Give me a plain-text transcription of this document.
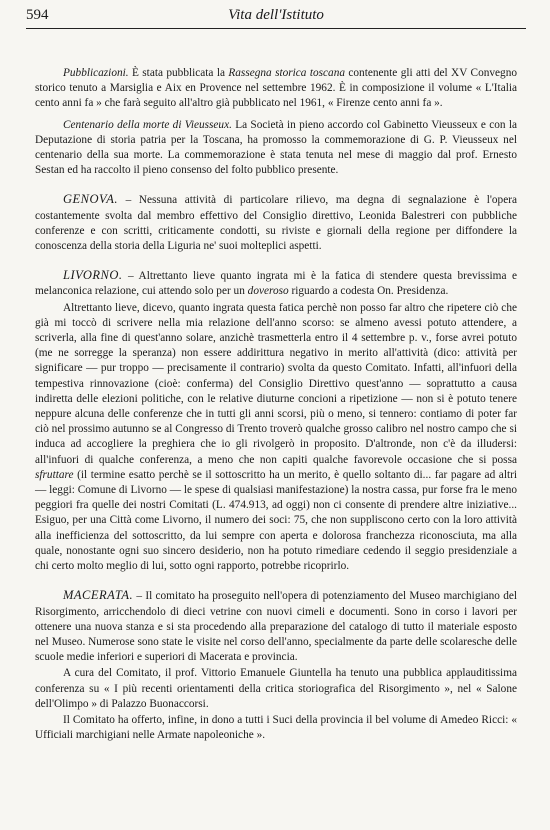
594	Vita dell'Istituto

Pubblicazioni. È stata pubblicata la Rassegna storica toscana contenente gli atti del XV Convegno storico tenuto a Marsiglia e Aix en Provence nel settembre 1962. È in composizione il volume « L'Italia cento anni fa » che farà seguito all'altro già pubblicato nel 1961, « Firenze cento anni fa ».

Centenario della morte di Vieusseux. La Società in pieno accordo col Gabinetto Vieusseux e con la Deputazione di storia patria per la Toscana, ha promosso la commemorazione di G. P. Vieusseux nel centenario della sua morte. La commemorazione è stata tenuta nel mese di maggio dal prof. Ernesto Sestan ed ha raccolto il pieno consenso del folto pubblico presente.

GENOVA. – Nessuna attività di particolare rilievo, ma degna di segnalazione è l'opera costantemente svolta dal membro effettivo del Consiglio direttivo, Leonida Balestreri con pubbliche conferenze e con scritti, criticamente condotti, su riviste e giornali della regione per diffondere la conoscenza della storia della Liguria ne' suoi molteplici aspetti.

LIVORNO. – Altrettanto lieve quanto ingrata mi è la fatica di stendere questa brevissima e melanconica relazione, cui attendo solo per un doveroso riguardo a codesta On. Presidenza.

Altrettanto lieve, dicevo, quanto ingrata questa fatica perchè non posso far altro che ripetere ciò che già mi toccò di scrivere nella mia relazione dell'anno scorso: se almeno avessi potuto attendere, a scriverla, alla fine di quest'anno solare, anzichè trasmetterla entro il 4 settembre p. v., forse avrei potuto (me ne sorregge la speranza) non essere addirittura negativo in merito all'attività (dico: attività per significare — pur troppo — precisamente il contrario) svolta da questo Comitato. Infatti, all'infuori della tempestiva rinnovazione (cioè: conferma) del Consiglio Direttivo quest'anno — soprattutto a causa indiretta delle elezioni politiche, con le relative diuturne concioni a ripetizione — non si è potuto tenere neppure alcuna delle conferenze che in tutti gli anni scorsi, più o meno, si tennero: contiamo di poter far ciò nel prossimo autunno se al Congresso di Trento troverò qualche grosso calibro nel nostro campo che si induca ad accogliere la preghiera che io gli rivolgerò in proposito. D'altronde, non c'è da illudersi: all'infuori di qualche conferenza, a meno che non capiti qualche favorevole occasione che si possa sfruttare (il termine esatto perchè se il sottoscritto ha un merito, è quello soltanto di... far pagare ad altri — leggi: Comune di Livorno — le spese di qualsiasi manifestazione) la nostra cassa, pur forse fra le meno peggiori fra quelle dei nostri Comitati (L. 474.913, ad oggi) non ci consente di prendere altre iniziative... Esiguo, per una Città come Livorno, il numero dei soci: 75, che non suppliscono certo con la loro attività alla inefficienza del sottoscritto, da lui sempre con aperta e dolorosa franchezza riconosciuta, ma alla quale, nonostante ogni suo sincero desiderio, non ha potuto rimediare cedendo il seggio presidenziale a chi certo molto meglio di lui, sotto ogni rapporto, potrebbe ricoprirlo.

MACERATA. – Il comitato ha proseguito nell'opera di potenziamento del Museo marchigiano del Risorgimento, arricchendolo di dieci vetrine con nuovi cimeli e documenti. Sono in corso i lavori per ottenere una nuova stanza e si sta procedendo alla preparazione del catalogo di tutto il materiale esposto nel Museo. Numerose sono state le visite nel corso dell'anno, specialmente da parte delle scolaresche delle scuole medie inferiori e superiori di Macerata e provincia.

A cura del Comitato, il prof. Vittorio Emanuele Giuntella ha tenuto una pubblica applauditissima conferenza su « I più recenti orientamenti della critica storiografica del Risorgimento », nel « Salone dell'Olimpo » di Palazzo Buonaccorsi.

Il Comitato ha offerto, infine, in dono a tutti i Suci della provincia il bel volume di Amedeo Ricci: « Ufficiali marchigiani nelle Armate napoleoniche ».
